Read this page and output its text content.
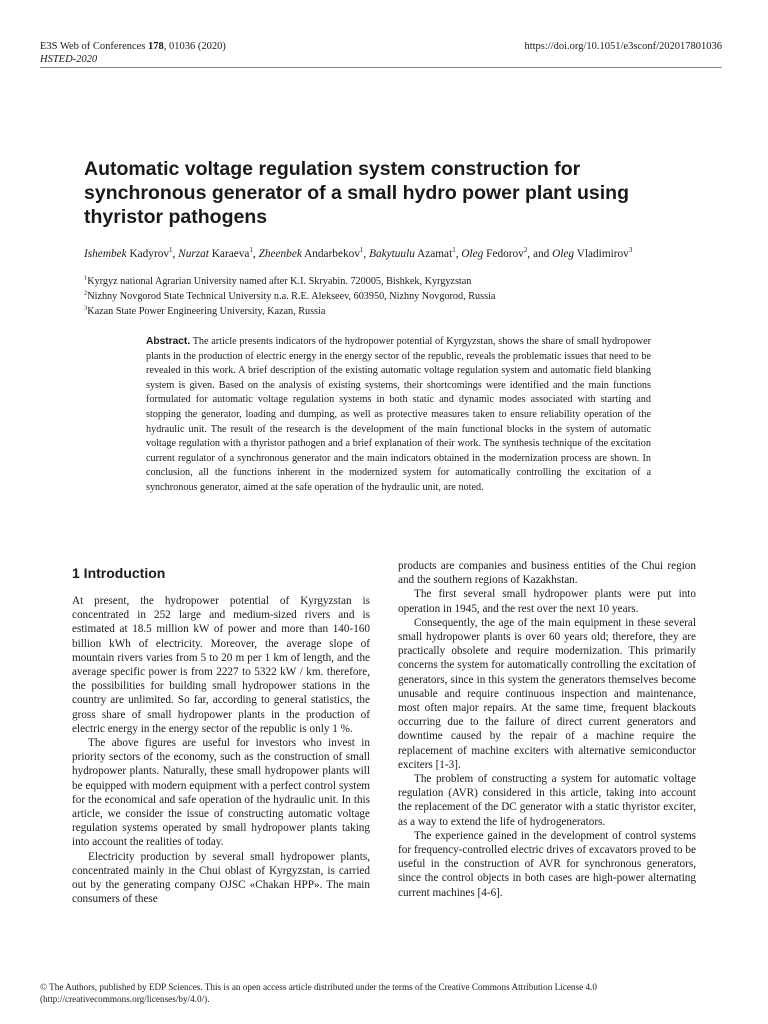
E3S Web of Conferences 178, 01036 (2020)
HSTED-2020
https://doi.org/10.1051/e3sconf/202017801036
Automatic voltage regulation system construction for synchronous generator of a small hydro power plant using thyristor pathogens
Ishembek Kadyrov$^1$, Nurzat Karaeva$^1$, Zheenbek Andarbekov$^1$, Bakytuulu Azamat$^1$, Oleg Fedorov$^2$, and Oleg Vladimirov$^3$
$^1$Kyrgyz national Agrarian University named after K.I. Skryabin. 720005, Bishkek, Kyrgyzstan
$^2$Nizhny Novgorod State Technical University n.a. R.E. Alekseev, 603950, Nizhny Novgorod, Russia
$^3$Kazan State Power Engineering University, Kazan, Russia
Abstract. The article presents indicators of the hydropower potential of Kyrgyzstan, shows the share of small hydropower plants in the production of electric energy in the energy sector of the republic, reveals the problematic issues that need to be revealed in this work. A brief description of the existing automatic voltage regulation system and automatic field blanking system is given. Based on the analysis of existing systems, their shortcomings were identified and the main functions formulated for automatic voltage regulation systems in both static and dynamic modes associated with starting and stopping the generator, loading and dumping, as well as protective measures taken to ensure reliability operation of the hydraulic unit. The result of the research is the development of the main functional blocks in the system of automatic voltage regulation with a thyristor pathogen and a brief explanation of their work. The synthesis technique of the excitation current regulator of a synchronous generator and the main indicators obtained in the modernization process are shown. In conclusion, all the functions inherent in the modernized system for automatically controlling the excitation of a synchronous generator, aimed at the safe operation of the hydraulic unit, are noted.
1 Introduction

At present, the hydropower potential of Kyrgyzstan is concentrated in 252 large and medium-sized rivers and is estimated at 18.5 million kW of power and more than 140-160 billion kWh of electricity. Moreover, the average slope of mountain rivers varies from 5 to 20 m per 1 km of length, and the average specific power is from 2227 to 5322 kW / km. therefore, the possibilities for building small hydropower stations in the country are unlimited. So far, according to general statistics, the gross share of small hydropower plants in the production of electric energy in the energy sector of the republic is only 1 %.

The above figures are useful for investors who invest in priority sectors of the economy, such as the construction of small hydropower plants. Naturally, these small hydropower plants will be equipped with modern equipment with a perfect control system for the economical and safe operation of the hydraulic unit. In this article, we consider the issue of constructing automatic voltage regulation systems operated by small hydropower plants taking into account the realities of today.

Electricity production by several small hydropower plants, concentrated mainly in the Chui oblast of Kyrgyzstan, is carried out by the generating company OJSC «Chakan HPP». The main consumers of these

products are companies and business entities of the Chui region and the southern regions of Kazakhstan.

The first several small hydropower plants were put into operation in 1945, and the rest over the next 10 years.

Consequently, the age of the main equipment in these several small hydropower plants is over 60 years old; therefore, they are practically obsolete and require modernization. This primarily concerns the system for automatically controlling the excitation of generators, since in this system the generators themselves become unusable and require continuous inspection and maintenance, most often major repairs. At the same time, frequent blackouts occurring due to the failure of direct current generators and downtime caused by the repair of a machine require the replacement of machine exciters with alternative semiconductor exciters [1-3].

The problem of constructing a system for automatic voltage regulation (AVR) considered in this article, taking into account the replacement of the DC generator with a static thyristor exciter, as a way to extend the life of hydrogenerators.

The experience gained in the development of control systems for frequency-controlled electric drives of excavators proved to be useful in the construction of AVR for synchronous generators, since the control objects in both cases are high-power alternating current machines [4-6].

© The Authors, published by EDP Sciences. This is an open access article distributed under the terms of the Creative Commons Attribution License 4.0 (http://creativecommons.org/licenses/by/4.0/).
